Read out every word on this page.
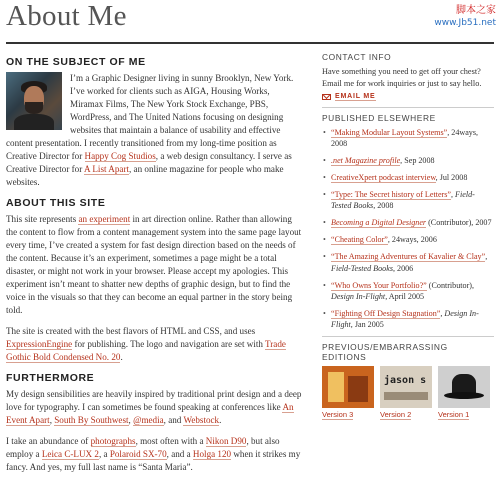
About Me	脚本之家
www.Jb51.net
ON THE SUBJECT OF ME

I’m a Graphic Designer living in sunny Brooklyn, New York. I’ve worked for clients such as AIGA, Housing Works, Miramax Films, The New York Stock Exchange, PBS, WordPress, and The United Nations focusing on designing websites that maintain a balance of usability and effective content presentation. I recently transitioned from my long-time position as Creative Director for Happy Cog Studios, a web design consultancy. I serve as Creative Director for A List Apart, an online magazine for people who make websites.

ABOUT THIS SITE

This site represents an experiment in art direction online. Rather than allowing the content to flow from a content management system into the same page layout every time, I’ve created a system for fast design direction based on the needs of the content. Because it’s an experiment, sometimes a page might be a total disaster, or might not work in your browser. Please accept my apologies. This experiment isn’t meant to shatter new depths of graphic design, but to find the voice in the visuals so that they can become an equal partner in the story being told.

The site is created with the best flavors of HTML and CSS, and uses ExpressionEngine for publishing. The logo and navigation are set with Trade Gothic Bold Condensed No. 20.

FURTHERMORE

My design sensibilities are heavily inspired by traditional print design and a deep love for typography. I can sometimes be found speaking at conferences like An Event Apart, South By Southwest, @media, and Webstock.

I take an abundance of photographs, most often with a Nikon D90, but also employ a Leica C-LUX 2, a Polaroid SX-70, and a Holga 120 when it strikes my fancy. And yes, my full last name is “Santa Maria”.

CONTACT INFO

Have something you need to get off your chest? Email me for work inquiries or just to say hello.

EMAIL ME
PUBLISHED ELSEWHERE
• “Making Modular Layout Systems”, 24ways, 2008
• .net Magazine profile, Sep 2008
• CreativeXpert podcast interview, Jul 2008
• “Type: The Secret history of Letters”, Field-Tested Books, 2008
• Becoming a Digital Designer (Contributor), 2007
• “Cheating Color”, 24ways, 2006
• “The Amazing Adventures of Kavalier & Clay”, Field-Tested Books, 2006
• “Who Owns Your Portfolio?” (Contributor), Design In-Flight, April 2005
• “Fighting Off Design Stagnation”, Design In-Flight, Jan 2005
PREVIOUS/EMBARRASSING EDITIONS
Version 3
jason s
Version 2	Version 1
